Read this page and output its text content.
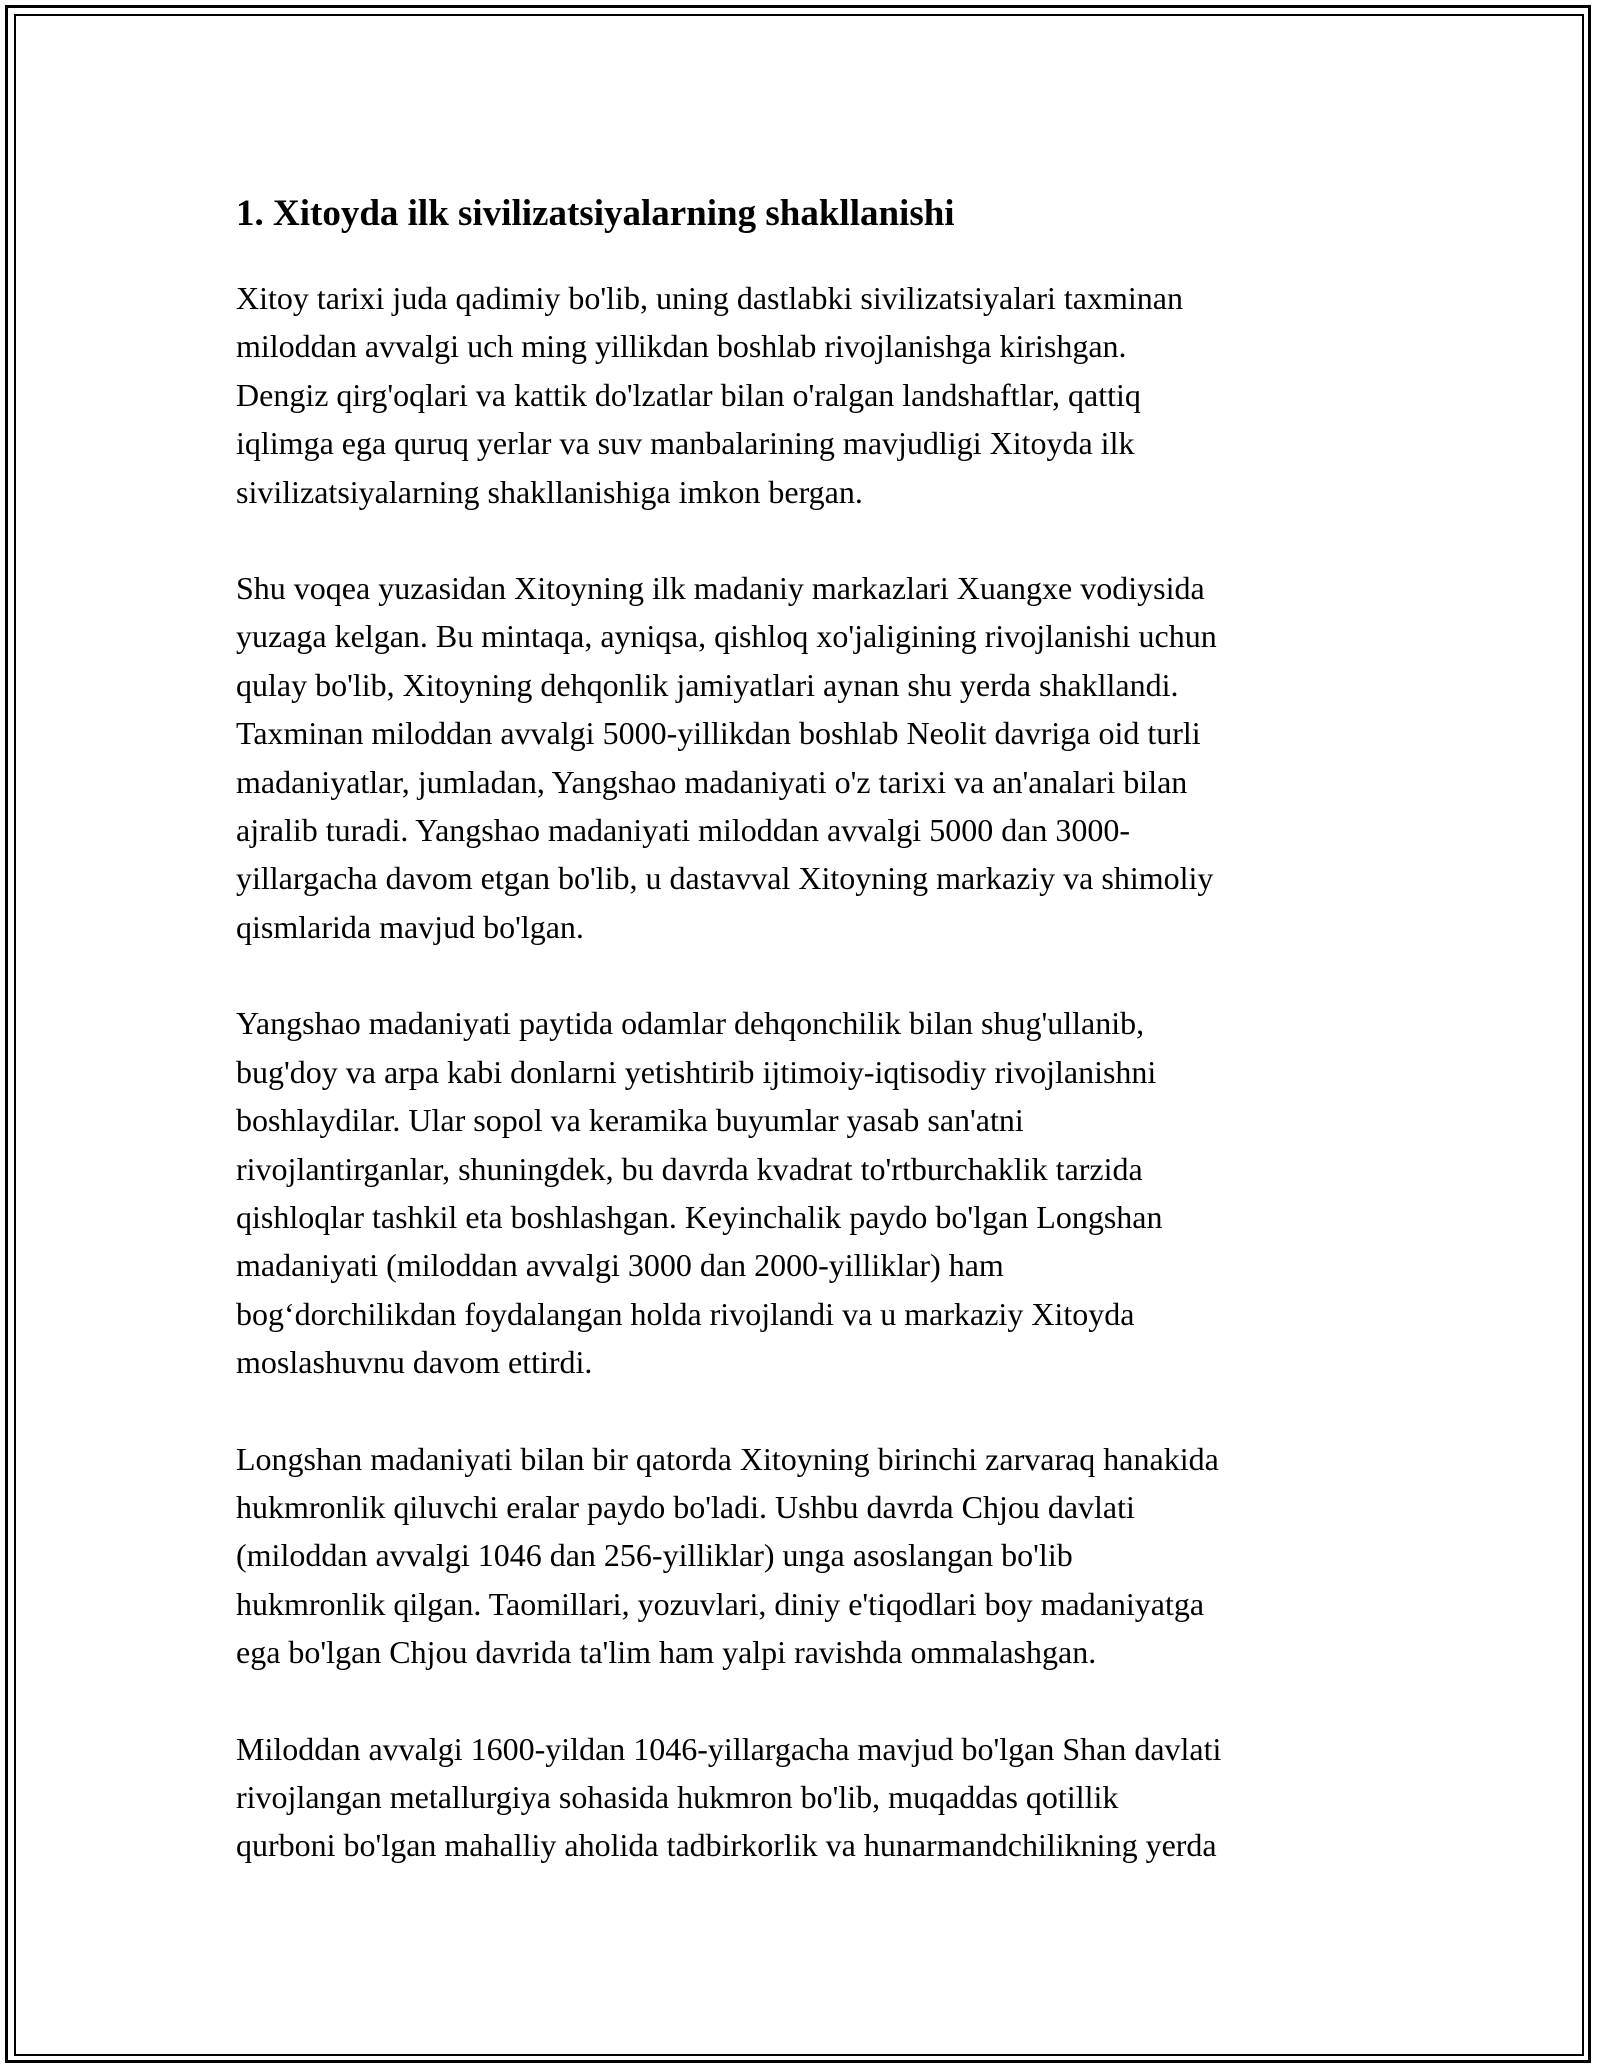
1. Xitoyda ilk sivilizatsiyalarning shakllanishi

Xitoy tarixi juda qadimiy bo'lib, uning dastlabki sivilizatsiyalari taxminan
miloddan avvalgi uch ming yillikdan boshlab rivojlanishga kirishgan.
Dengiz qirg'oqlari va kattik do'lzatlar bilan o'ralgan landshaftlar, qattiq
iqlimga ega quruq yerlar va suv manbalarining mavjudligi Xitoyda ilk
sivilizatsiyalarning shakllanishiga imkon bergan.

Shu voqea yuzasidan Xitoyning ilk madaniy markazlari Xuangxe vodiysida
yuzaga kelgan. Bu mintaqa, ayniqsa, qishloq xo'jaligining rivojlanishi uchun
qulay bo'lib, Xitoyning dehqonlik jamiyatlari aynan shu yerda shakllandi.
Taxminan miloddan avvalgi 5000-yillikdan boshlab Neolit davriga oid turli
madaniyatlar, jumladan, Yangshao madaniyati o'z tarixi va an'analari bilan
ajralib turadi. Yangshao madaniyati miloddan avvalgi 5000 dan 3000-
yillargacha davom etgan bo'lib, u dastavval Xitoyning markaziy va shimoliy
qismlarida mavjud bo'lgan.

Yangshao madaniyati paytida odamlar dehqonchilik bilan shug'ullanib,
bug'doy va arpa kabi donlarni yetishtirib ijtimoiy-iqtisodiy rivojlanishni
boshlaydilar. Ular sopol va keramika buyumlar yasab san'atni
rivojlantirganlar, shuningdek, bu davrda kvadrat to'rtburchaklik tarzida
qishloqlar tashkil eta boshlashgan. Keyinchalik paydo bo'lgan Longshan
madaniyati (miloddan avvalgi 3000 dan 2000-yilliklar) ham
bog‘dorchilikdan foydalangan holda rivojlandi va u markaziy Xitoyda
moslashuvnu davom ettirdi.

Longshan madaniyati bilan bir qatorda Xitoyning birinchi zarvaraq hanakida
hukmronlik qiluvchi eralar paydo bo'ladi. Ushbu davrda Chjou davlati
(miloddan avvalgi 1046 dan 256-yilliklar) unga asoslangan bo'lib
hukmronlik qilgan. Taomillari, yozuvlari, diniy e'tiqodlari boy madaniyatga
ega bo'lgan Chjou davrida ta'lim ham yalpi ravishda ommalashgan.

Miloddan avvalgi 1600-yildan 1046-yillargacha mavjud bo'lgan Shan davlati
rivojlangan metallurgiya sohasida hukmron bo'lib, muqaddas qotillik
qurboni bo'lgan mahalliy aholida tadbirkorlik va hunarmandchilikning yerda
